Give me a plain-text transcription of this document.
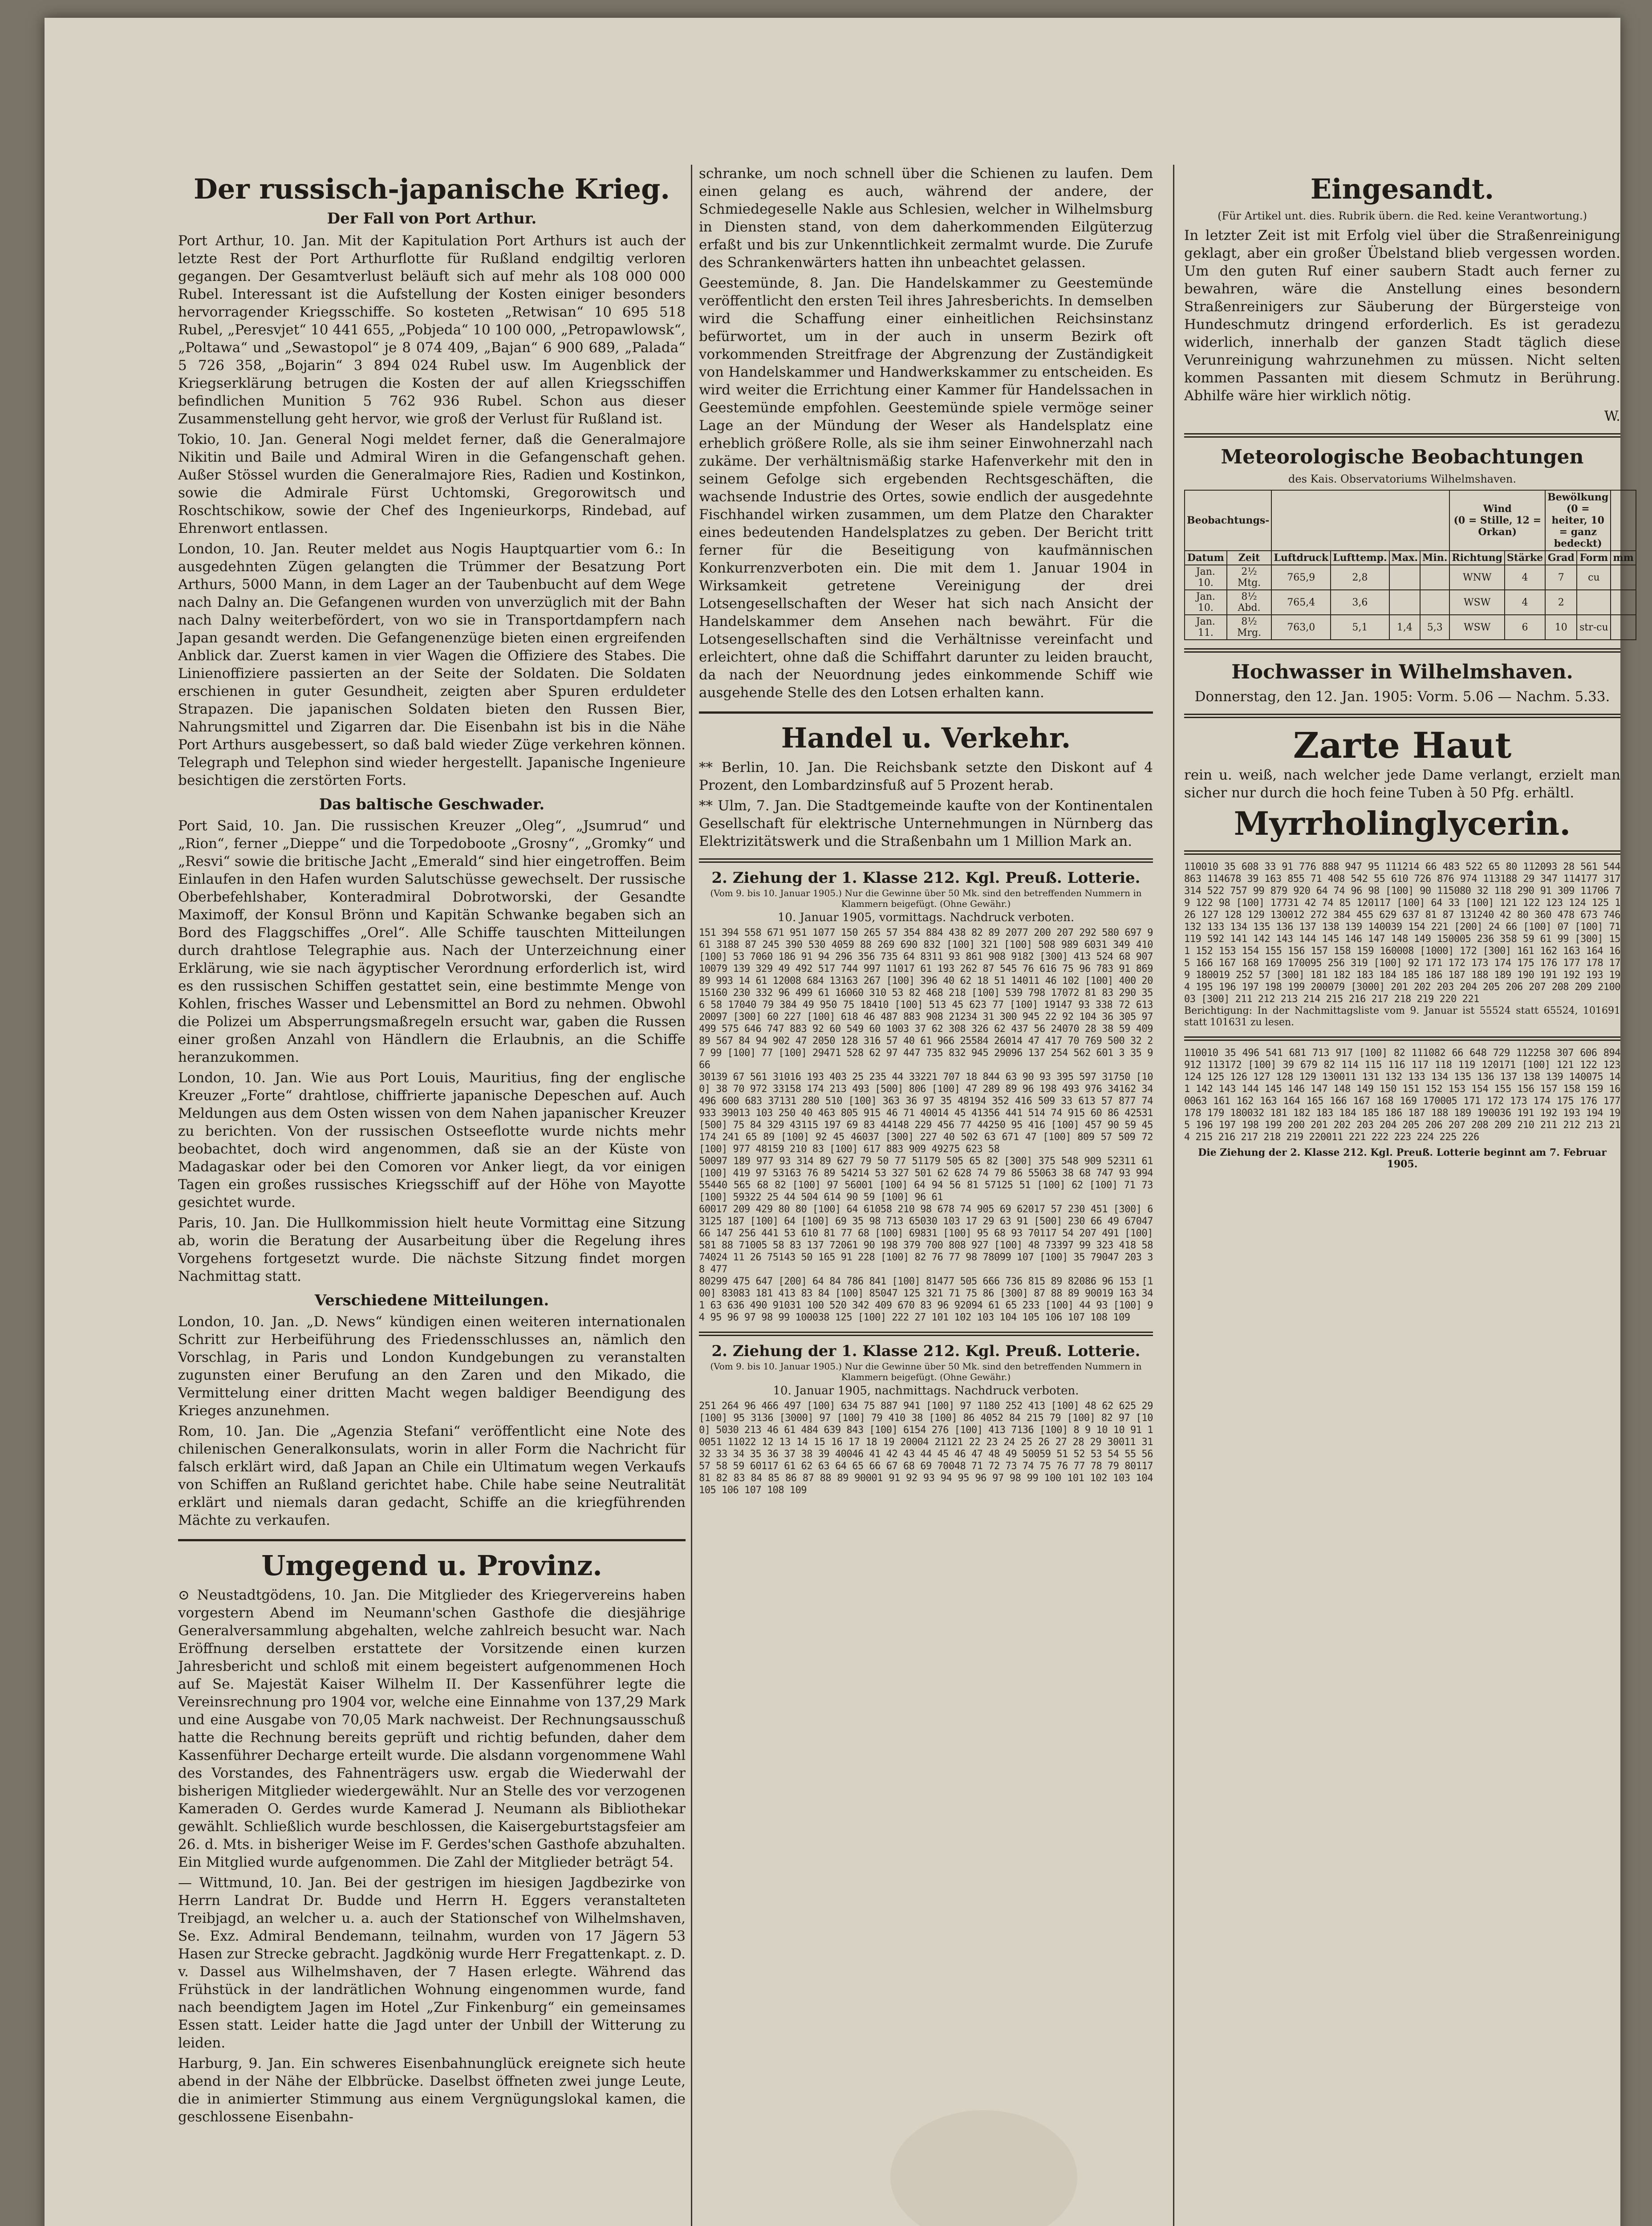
Der russisch-japanische Krieg.
Der Fall von Port Arthur.

Port Arthur, 10. Jan. Mit der Kapitulation Port Arthurs ist auch der letzte Rest der Port Arthurflotte für Rußland endgiltig verloren gegangen. Der Gesamtverlust beläuft sich auf mehr als 108 000 000 Rubel. Interessant ist die Aufstellung der Kosten einiger besonders hervorragender Kriegsschiffe. So kosteten „Retwisan“ 10 695 518 Rubel, „Peresvjet“ 10 441 655, „Pobjeda“ 10 100 000, „Petropawlowsk“, „Poltawa“ und „Sewastopol“ je 8 074 409, „Bajan“ 6 900 689, „Palada“ 5 726 358, „Bojarin“ 3 894 024 Rubel usw. Im Augenblick der Kriegserklärung betrugen die Kosten der auf allen Kriegsschiffen befindlichen Munition 5 762 936 Rubel. Schon aus dieser Zusammenstellung geht hervor, wie groß der Verlust für Rußland ist.

Tokio, 10. Jan. General Nogi meldet ferner, daß die Generalmajore Nikitin und Baile und Admiral Wiren in die Gefangenschaft gehen. Außer Stössel wurden die Generalmajore Ries, Radien und Kostinkon, sowie die Admirale Fürst Uchtomski, Gregorowitsch und Roschtschikow, sowie der Chef des Ingenieurkorps, Rindebad, auf Ehrenwort entlassen.

London, 10. Jan. Reuter meldet aus Nogis Hauptquartier vom 6.: In ausgedehnten Zügen gelangten die Trümmer der Besatzung Port Arthurs, 5000 Mann, in dem Lager an der Taubenbucht auf dem Wege nach Dalny an. Die Gefangenen wurden von unverzüglich mit der Bahn nach Dalny weiterbefördert, von wo sie in Transportdampfern nach Japan gesandt werden. Die Gefangenenzüge bieten einen ergreifenden Anblick dar. Zuerst kamen in vier Wagen die Offiziere des Stabes. Die Linienoffiziere passierten an der Seite der Soldaten. Die Soldaten erschienen in guter Gesundheit, zeigten aber Spuren erduldeter Strapazen. Die japanischen Soldaten bieten den Russen Bier, Nahrungsmittel und Zigarren dar. Die Eisenbahn ist bis in die Nähe Port Arthurs ausgebessert, so daß bald wieder Züge verkehren können. Telegraph und Telephon sind wieder hergestellt. Japanische Ingenieure besichtigen die zerstörten Forts.

Das baltische Geschwader.

Port Said, 10. Jan. Die russischen Kreuzer „Oleg“, „Jsumrud“ und „Rion“, ferner „Dieppe“ und die Torpedoboote „Grosny“, „Gromky“ und „Resvi“ sowie die britische Jacht „Emerald“ sind hier eingetroffen. Beim Einlaufen in den Hafen wurden Salutschüsse gewechselt. Der russische Oberbefehlshaber, Konteradmiral Dobrotworski, der Gesandte Maximoff, der Konsul Brönn und Kapitän Schwanke begaben sich an Bord des Flaggschiffes „Orel“. Alle Schiffe tauschten Mitteilungen durch drahtlose Telegraphie aus. Nach der Unterzeichnung einer Erklärung, wie sie nach ägyptischer Verordnung erforderlich ist, wird es den russischen Schiffen gestattet sein, eine bestimmte Menge von Kohlen, frisches Wasser und Lebensmittel an Bord zu nehmen. Obwohl die Polizei um Absperrungsmaßregeln ersucht war, gaben die Russen einer großen Anzahl von Händlern die Erlaubnis, an die Schiffe heranzukommen.

London, 10. Jan. Wie aus Port Louis, Mauritius, fing der englische Kreuzer „Forte“ drahtlose, chiffrierte japanische Depeschen auf. Auch Meldungen aus dem Osten wissen von dem Nahen japanischer Kreuzer zu berichten. Von der russischen Ostseeflotte wurde nichts mehr beobachtet, doch wird angenommen, daß sie an der Küste von Madagaskar oder bei den Comoren vor Anker liegt, da vor einigen Tagen ein großes russisches Kriegsschiff auf der Höhe von Mayotte gesichtet wurde.

Paris, 10. Jan. Die Hullkommission hielt heute Vormittag eine Sitzung ab, worin die Beratung der Ausarbeitung über die Regelung ihres Vorgehens fortgesetzt wurde. Die nächste Sitzung findet morgen Nachmittag statt.

Verschiedene Mitteilungen.

London, 10. Jan. „D. News“ kündigen einen weiteren internationalen Schritt zur Herbeiführung des Friedensschlusses an, nämlich den Vorschlag, in Paris und London Kundgebungen zu veranstalten zugunsten einer Berufung an den Zaren und den Mikado, die Vermittelung einer dritten Macht wegen baldiger Beendigung des Krieges anzunehmen.

Rom, 10. Jan. Die „Agenzia Stefani“ veröffentlicht eine Note des chilenischen Generalkonsulats, worin in aller Form die Nachricht für falsch erklärt wird, daß Japan an Chile ein Ultimatum wegen Verkaufs von Schiffen an Rußland gerichtet habe. Chile habe seine Neutralität erklärt und niemals daran gedacht, Schiffe an die kriegführenden Mächte zu verkaufen.

Umgegend u. Provinz.

⊙ Neustadtgödens, 10. Jan. Die Mitglieder des Kriegervereins haben vorgestern Abend im Neumann'schen Gasthofe die diesjährige Generalversammlung abgehalten, welche zahlreich besucht war. Nach Eröffnung derselben erstattete der Vorsitzende einen kurzen Jahresbericht und schloß mit einem begeistert aufgenommenen Hoch auf Se. Majestät Kaiser Wilhelm II. Der Kassenführer legte die Vereinsrechnung pro 1904 vor, welche eine Einnahme von 137,29 Mark und eine Ausgabe von 70,05 Mark nachweist. Der Rechnungsausschuß hatte die Rechnung bereits geprüft und richtig befunden, daher dem Kassenführer Decharge erteilt wurde. Die alsdann vorgenommene Wahl des Vorstandes, des Fahnenträgers usw. ergab die Wiederwahl der bisherigen Mitglieder wiedergewählt. Nur an Stelle des vor verzogenen Kameraden O. Gerdes wurde Kamerad J. Neumann als Bibliothekar gewählt. Schließlich wurde beschlossen, die Kaisergeburtstagsfeier am 26. d. Mts. in bisheriger Weise im F. Gerdes'schen Gasthofe abzuhalten. Ein Mitglied wurde aufgenommen. Die Zahl der Mitglieder beträgt 54.

— Wittmund, 10. Jan. Bei der gestrigen im hiesigen Jagdbezirke von Herrn Landrat Dr. Budde und Herrn H. Eggers veranstalteten Treibjagd, an welcher u. a. auch der Stationschef von Wilhelmshaven, Se. Exz. Admiral Bendemann, teilnahm, wurden von 17 Jägern 53 Hasen zur Strecke gebracht. Jagdkönig wurde Herr Fregattenkapt. z. D. v. Dassel aus Wilhelmshaven, der 7 Hasen erlegte. Während das Frühstück in der landrätlichen Wohnung eingenommen wurde, fand nach beendigtem Jagen im Hotel „Zur Finkenburg“ ein gemeinsames Essen statt. Leider hatte die Jagd unter der Unbill der Witterung zu leiden.

Harburg, 9. Jan. Ein schweres Eisenbahnunglück ereignete sich heute abend in der Nähe der Elbbrücke. Daselbst öffneten zwei junge Leute, die in animierter Stimmung aus einem Vergnügungslokal kamen, die geschlossene Eisenbahn-

schranke, um noch schnell über die Schienen zu laufen. Dem einen gelang es auch, während der andere, der Schmiedegeselle Nakle aus Schlesien, welcher in Wilhelmsburg in Diensten stand, von dem daherkommenden Eilgüterzug erfaßt und bis zur Unkenntlichkeit zermalmt wurde. Die Zurufe des Schrankenwärters hatten ihn unbeachtet gelassen.

Geestemünde, 8. Jan. Die Handelskammer zu Geestemünde veröffentlicht den ersten Teil ihres Jahresberichts. In demselben wird die Schaffung einer einheitlichen Reichsinstanz befürwortet, um in der auch in unserm Bezirk oft vorkommenden Streitfrage der Abgrenzung der Zuständigkeit von Handelskammer und Handwerkskammer zu entscheiden. Es wird weiter die Errichtung einer Kammer für Handelssachen in Geestemünde empfohlen. Geestemünde spiele vermöge seiner Lage an der Mündung der Weser als Handelsplatz eine erheblich größere Rolle, als sie ihm seiner Einwohnerzahl nach zukäme. Der verhältnismäßig starke Hafenverkehr mit den in seinem Gefolge sich ergebenden Rechtsgeschäften, die wachsende Industrie des Ortes, sowie endlich der ausgedehnte Fischhandel wirken zusammen, um dem Platze den Charakter eines bedeutenden Handelsplatzes zu geben. Der Bericht tritt ferner für die Beseitigung von kaufmännischen Konkurrenzverboten ein. Die mit dem 1. Januar 1904 in Wirksamkeit getretene Vereinigung der drei Lotsengesellschaften der Weser hat sich nach Ansicht der Handelskammer dem Ansehen nach bewährt. Für die Lotsengesellschaften sind die Verhältnisse vereinfacht und erleichtert, ohne daß die Schiffahrt darunter zu leiden braucht, da nach der Neuordnung jedes einkommende Schiff wie ausgehende Stelle des den Lotsen erhalten kann.

Handel u. Verkehr.

** Berlin, 10. Jan. Die Reichsbank setzte den Diskont auf 4 Prozent, den Lombardzinsfuß auf 5 Prozent herab.

** Ulm, 7. Jan. Die Stadtgemeinde kaufte von der Kontinentalen Gesellschaft für elektrische Unternehmungen in Nürnberg das Elektrizitätswerk und die Straßenbahn um 1 Million Mark an.

2. Ziehung der 1. Klasse 212. Kgl. Preuß. Lotterie.
(Vom 9. bis 10. Januar 1905.) Nur die Gewinne über 50 Mk. sind den betreffenden Nummern in Klammern beigefügt. (Ohne Gewähr.)
10. Januar 1905, vormittags. Nachdruck verboten.

151 394 558 671 951 1077 150 265 57 354 884 438 82 89 2077 200 207 292 580 697 961 3188 87 245 390 530 4059 88 269 690 832 [100] 321 [100] 508 989 6031 349 410 [100] 53 7060 186 91 94 296 356 735 64 8311 93 861 908 9182 [300] 413 524 68 907 10079 139 329 49 492 517 744 997 11017 61 193 262 87 545 76 616 75 96 783 91 869 89 993 14 61 12008 684 13163 267 [100] 396 40 62 18 51 14011 46 102 [100] 400 20 15160 230 332 96 499 61 16060 310 53 82 468 218 [100] 539 798 17072 81 83 290 356 58 17040 79 384 49 950 75 18410 [100] 513 45 623 77 [100] 19147 93 338 72 613 20097 [300] 60 227 [100] 618 46 487 883 908 21234 31 300 945 22 92 104 36 305 97 499 575 646 747 883 92 60 549 60 1003 37 62 308 326 62 437 56 24070 28 38 59 409 89 567 84 94 902 47 2050 128 316 57 40 61 966 25584 26014 47 417 70 769 500 32 27 99 [100] 77 [100] 29471 528 62 97 447 735 832 945 29096 137 254 562 601 3 35 966

30139 67 561 31016 193 403 25 235 44 33221 707 18 844 63 90 93 395 597 31750 [100] 38 70 972 33158 174 213 493 [500] 806 [100] 47 289 89 96 198 493 976 34162 34 496 600 683 37131 280 510 [100] 363 36 97 35 48194 352 416 509 33 613 57 877 74 933 39013 103 250 40 463 805 915 46 71 40014 45 41356 441 514 74 915 60 86 42531 [500] 75 84 329 43115 197 69 83 44148 229 456 77 44250 95 416 [100] 457 90 59 45174 241 65 89 [100] 92 45 46037 [300] 227 40 502 63 671 47 [100] 809 57 509 72 [100] 977 48159 210 83 [100] 617 883 909 49275 623 58

50097 189 977 93 314 89 627 79 50 77 51179 505 65 82 [300] 375 548 909 52311 61 [100] 419 97 53163 76 89 54214 53 327 501 62 628 74 79 86 55063 38 68 747 93 994 55440 565 68 82 [100] 97 56001 [100] 64 94 56 81 57125 51 [100] 62 [100] 71 73 [100] 59322 25 44 504 614 90 59 [100] 96 61

60017 209 429 80 80 [100] 64 61058 210 98 678 74 905 69 62017 57 230 451 [300] 63125 187 [100] 64 [100] 69 35 98 713 65030 103 17 29 63 91 [500] 230 66 49 67047 66 147 256 441 53 610 81 77 68 [100] 69831 [100] 95 68 93 70117 54 207 491 [100] 581 88 71005 58 83 137 72061 90 198 379 700 808 927 [100] 48 73397 99 323 418 58 74024 11 26 75143 50 165 91 228 [100] 82 76 77 98 78099 107 [100] 35 79047 203 38 477

80299 475 647 [200] 64 84 786 841 [100] 81477 505 666 736 815 89 82086 96 153 [100] 83083 181 413 83 84 [100] 85047 125 321 71 75 86 [300] 87 88 89 90019 163 341 63 636 490 91031 100 520 342 409 670 83 96 92094 61 65 233 [100] 44 93 [100] 94 95 96 97 98 99 100038 125 [100] 222 27 101 102 103 104 105 106 107 108 109

2. Ziehung der 1. Klasse 212. Kgl. Preuß. Lotterie.
(Vom 9. bis 10. Januar 1905.) Nur die Gewinne über 50 Mk. sind den betreffenden Nummern in Klammern beigefügt. (Ohne Gewähr.)
10. Januar 1905, nachmittags. Nachdruck verboten.

251 264 96 466 497 [100] 634 75 887 941 [100] 97 1180 252 413 [100] 48 62 625 29 [100] 95 3136 [3000] 97 [100] 79 410 38 [100] 86 4052 84 215 79 [100] 82 97 [100] 5030 213 46 61 484 639 843 [100] 6154 276 [100] 413 7136 [100] 8 9 10 10 91 10051 11022 12 13 14 15 16 17 18 19 20004 21121 22 23 24 25 26 27 28 29 30011 31 32 33 34 35 36 37 38 39 40046 41 42 43 44 45 46 47 48 49 50059 51 52 53 54 55 56 57 58 59 60117 61 62 63 64 65 66 67 68 69 70048 71 72 73 74 75 76 77 78 79 80117 81 82 83 84 85 86 87 88 89 90001 91 92 93 94 95 96 97 98 99 100 101 102 103 104 105 106 107 108 109

Eingesandt.
(Für Artikel unt. dies. Rubrik übern. die Red. keine Verantwortung.)

In letzter Zeit ist mit Erfolg viel über die Straßenreinigung geklagt, aber ein großer Übelstand blieb vergessen worden. Um den guten Ruf einer saubern Stadt auch ferner zu bewahren, wäre die Anstellung eines besondern Straßenreinigers zur Säuberung der Bürgersteige von Hundeschmutz dringend erforderlich. Es ist geradezu widerlich, innerhalb der ganzen Stadt täglich diese Verunreinigung wahrzunehmen zu müssen. Nicht selten kommen Passanten mit diesem Schmutz in Berührung. Abhilfe wäre hier wirklich nötig.

W.

Meteorologische Beobachtungen
des Kais. Observatoriums Wilhelmshaven.
Beobachtungs-						Wind
(0 = Stille, 12 = Orkan)		Bewölkung
(0 = heiter, 10 = ganz bedeckt)		
Datum	Zeit	Luftdruck	Lufttemp.	Max.	Min.	Richtung	Stärke	Grad	Form	mm
Jan. 10.	2½ Mtg.	765,9	2,8			WNW	4	7	cu	
Jan. 10.	8½ Abd.	765,4	3,6			WSW	4	2		
Jan. 11.	8½ Mrg.	763,0	5,1	1,4	5,3	WSW	6	10	str-cu	
Hochwasser in Wilhelmshaven.

Donnerstag, den 12. Jan. 1905: Vorm. 5.06 — Nachm. 5.33.

Zarte Haut

rein u. weiß, nach welcher jede Dame verlangt, erzielt man sicher nur durch die hoch feine Tuben à 50 Pfg. erhältl.

Myrrholinglycerin.

110010 35 608 33 91 776 888 947 95 111214 66 483 522 65 80 112093 28 561 544 863 114678 39 163 855 71 408 542 55 610 726 876 974 113188 29 347 114177 317 314 522 757 99 879 920 64 74 96 98 [100] 90 115080 32 118 290 91 309 11706 79 122 98 [100] 17731 42 74 85 120117 [100] 64 33 [100] 121 122 123 124 125 126 127 128 129 130012 272 384 455 629 637 81 87 131240 42 80 360 478 673 746 132 133 134 135 136 137 138 139 140039 154 221 [200] 24 66 [100] 07 [100] 71 119 592 141 142 143 144 145 146 147 148 149 150005 236 358 59 61 99 [300] 151 152 153 154 155 156 157 158 159 160008 [1000] 172 [300] 161 162 163 164 165 166 167 168 169 170095 256 319 [100] 92 171 172 173 174 175 176 177 178 179 180019 252 57 [300] 181 182 183 184 185 186 187 188 189 190 191 192 193 194 195 196 197 198 199 200079 [3000] 201 202 203 204 205 206 207 208 209 210003 [300] 211 212 213 214 215 216 217 218 219 220 221

Berichtigung: In der Nachmittagsliste vom 9. Januar ist 55524 statt 65524, 101691 statt 101631 zu lesen.

110010 35 496 541 681 713 917 [100] 82 111082 66 648 729 112258 307 606 894 912 113172 [100] 39 679 82 114 115 116 117 118 119 120171 [100] 121 122 123 124 125 126 127 128 129 130011 131 132 133 134 135 136 137 138 139 140075 141 142 143 144 145 146 147 148 149 150 151 152 153 154 155 156 157 158 159 160063 161 162 163 164 165 166 167 168 169 170005 171 172 173 174 175 176 177 178 179 180032 181 182 183 184 185 186 187 188 189 190036 191 192 193 194 195 196 197 198 199 200 201 202 203 204 205 206 207 208 209 210 211 212 213 214 215 216 217 218 219 220011 221 222 223 224 225 226

Die Ziehung der 2. Klasse 212. Kgl. Preuß. Lotterie beginnt am 7. Februar 1905.
